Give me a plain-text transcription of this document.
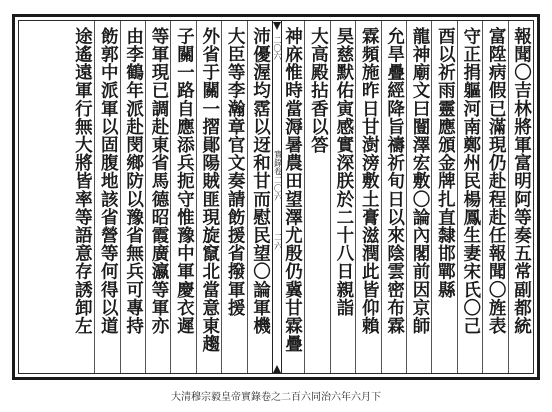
報聞〇吉林將軍富明阿等奏五常副都統
富陞病假已滿現仍赴程赴任報聞〇旌表
守正捐軀河南鄭州民楊鳳生妻宋氏〇己
酉以祈雨靈應頒金牌扎直隸邯鄲縣
龍神廟文曰闓澤宏敷〇論內閣前因京師
允旱疊經降旨禱祈旬日以來陰雲密布霖
霖頻施昨日甘澍滂敷土膏滋潤此皆仰賴
昊慈默佑寅感實深朕於二十八日親詣
大高殿拈香以答
神庥惟時當溽暑農田望澤尤殷仍冀甘霖疊
二〇六
實錄卷二〇六
二六
沛優渥均霑以迓和甘而慰民望〇論軍機
大臣等李瀚章官文奏請飭援省撥軍援
外省于關一摺鄖陽賊匪現旋竄北當意東趨
子關一路自應添兵扼守惟豫中軍慶衣遲
等軍現已調赴東省馬德昭霞廣瀛等軍亦
由李鶴年派赴閔鄉防以豫省無兵可專持
飭郭中派軍以固腹地該省營等何得以道
途遙遠軍行無大將皆率等語意存誘卸左
大清穆宗毅皇帝實錄卷之二百六同治六年六月下
